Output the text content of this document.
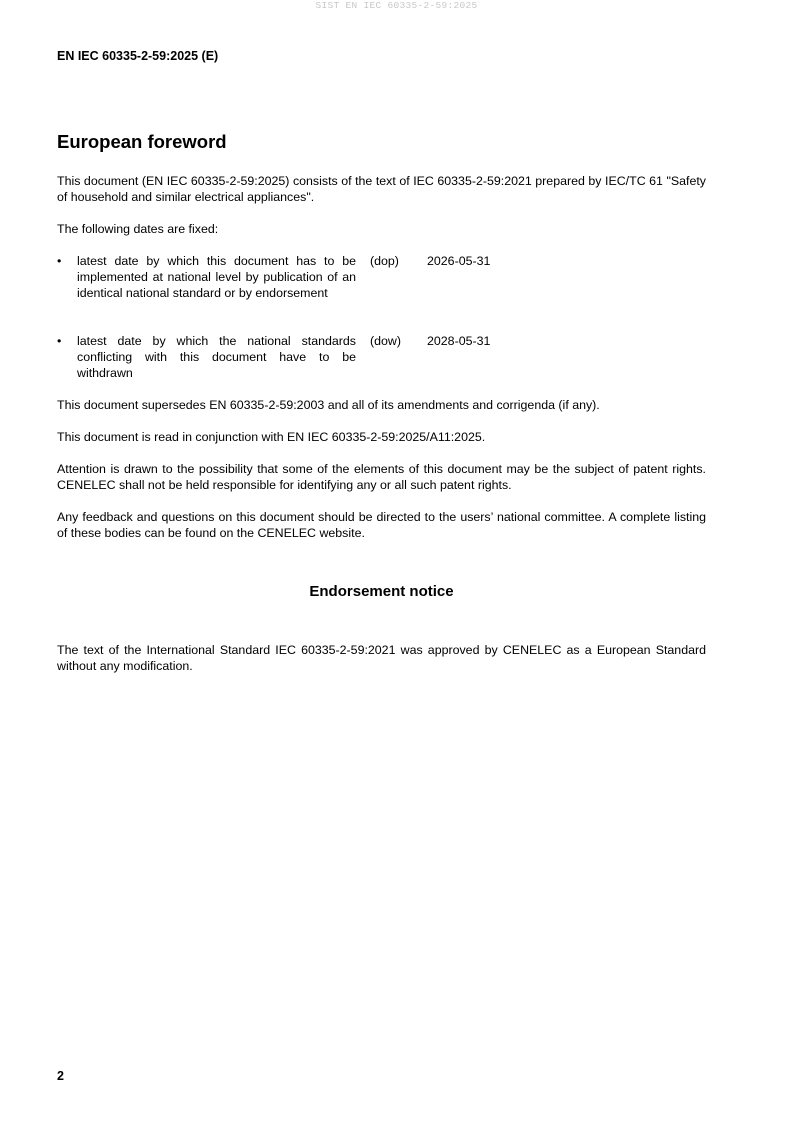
SIST EN IEC 60335-2-59:2025
EN IEC 60335-2-59:2025 (E)
European foreword

This document (EN IEC 60335-2-59:2025) consists of the text of IEC 60335-2-59:2021 prepared by IEC/TC 61 "Safety of household and similar electrical appliances".

The following dates are fixed:

• latest date by which this document has to be implemented at national level by publication of an identical national standard or by endorsement
(dop) 2026-05-31
• latest date by which the national standards conflicting with this document have to be withdrawn
(dow) 2028-05-31

This document supersedes EN 60335-2-59:2003 and all of its amendments and corrigenda (if any).

This document is read in conjunction with EN IEC 60335-2-59:2025/A11:2025.

Attention is drawn to the possibility that some of the elements of this document may be the subject of patent rights. CENELEC shall not be held responsible for identifying any or all such patent rights.

Any feedback and questions on this document should be directed to the users’ national committee. A complete listing of these bodies can be found on the CENELEC website.

Endorsement notice

The text of the International Standard IEC 60335-2-59:2021 was approved by CENELEC as a European Standard without any modification.

2
